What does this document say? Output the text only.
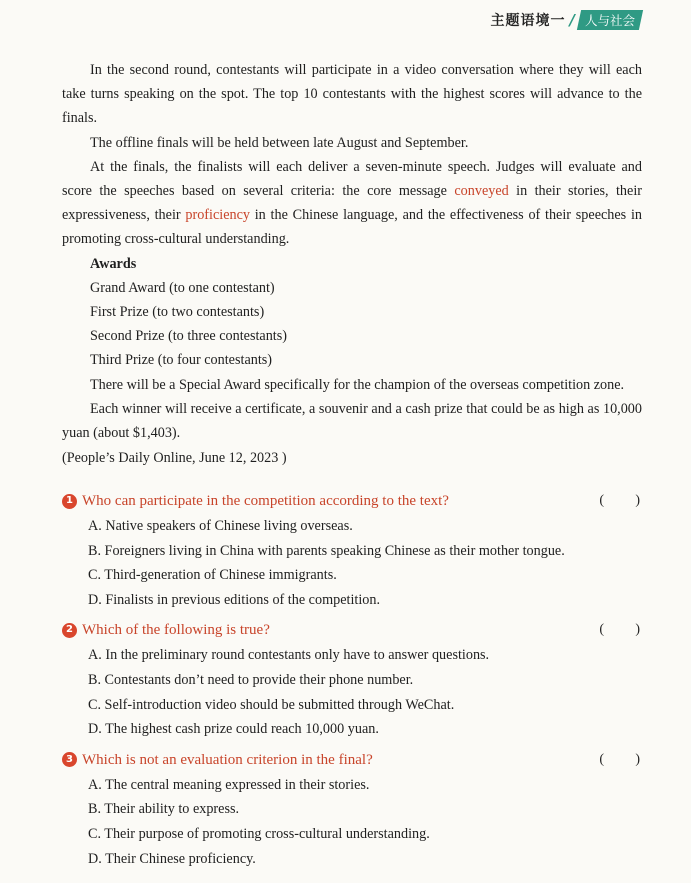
主题语境一 / 人与社会

In the second round, contestants will participate in a video conversation where they will each take turns speaking on the spot. The top 10 contestants with the highest scores will advance to the finals.

The offline finals will be held between late August and September.

At the finals, the finalists will each deliver a seven-minute speech. Judges will evaluate and score the speeches based on several criteria: the core message conveyed in their stories, their expressiveness, their proficiency in the Chinese language, and the effectiveness of their speeches in promoting cross-cultural understanding.

Awards

Grand Award (to one contestant)

First Prize (to two contestants)

Second Prize (to three contestants)

Third Prize (to four contestants)

There will be a Special Award specifically for the champion of the overseas competition zone.

Each winner will receive a certificate, a souvenir and a cash prize that could be as high as 10,000 yuan (about $1,403).

(People’s Daily Online, June 12, 2023 )

1 Who can participate in the competition according to the text?	( )
A. Native speakers of Chinese living overseas.
B. Foreigners living in China with parents speaking Chinese as their mother tongue.
C. Third-generation of Chinese immigrants.
D. Finalists in previous editions of the competition.
2 Which of the following is true?	( )
A. In the preliminary round contestants only have to answer questions.
B. Contestants don’t need to provide their phone number.
C. Self-introduction video should be submitted through WeChat.
D. The highest cash prize could reach 10,000 yuan.
3 Which is not an evaluation criterion in the final?	( )
A. The central meaning expressed in their stories.
B. Their ability to express.
C. Their purpose of promoting cross-cultural understanding.
D. Their Chinese proficiency.
